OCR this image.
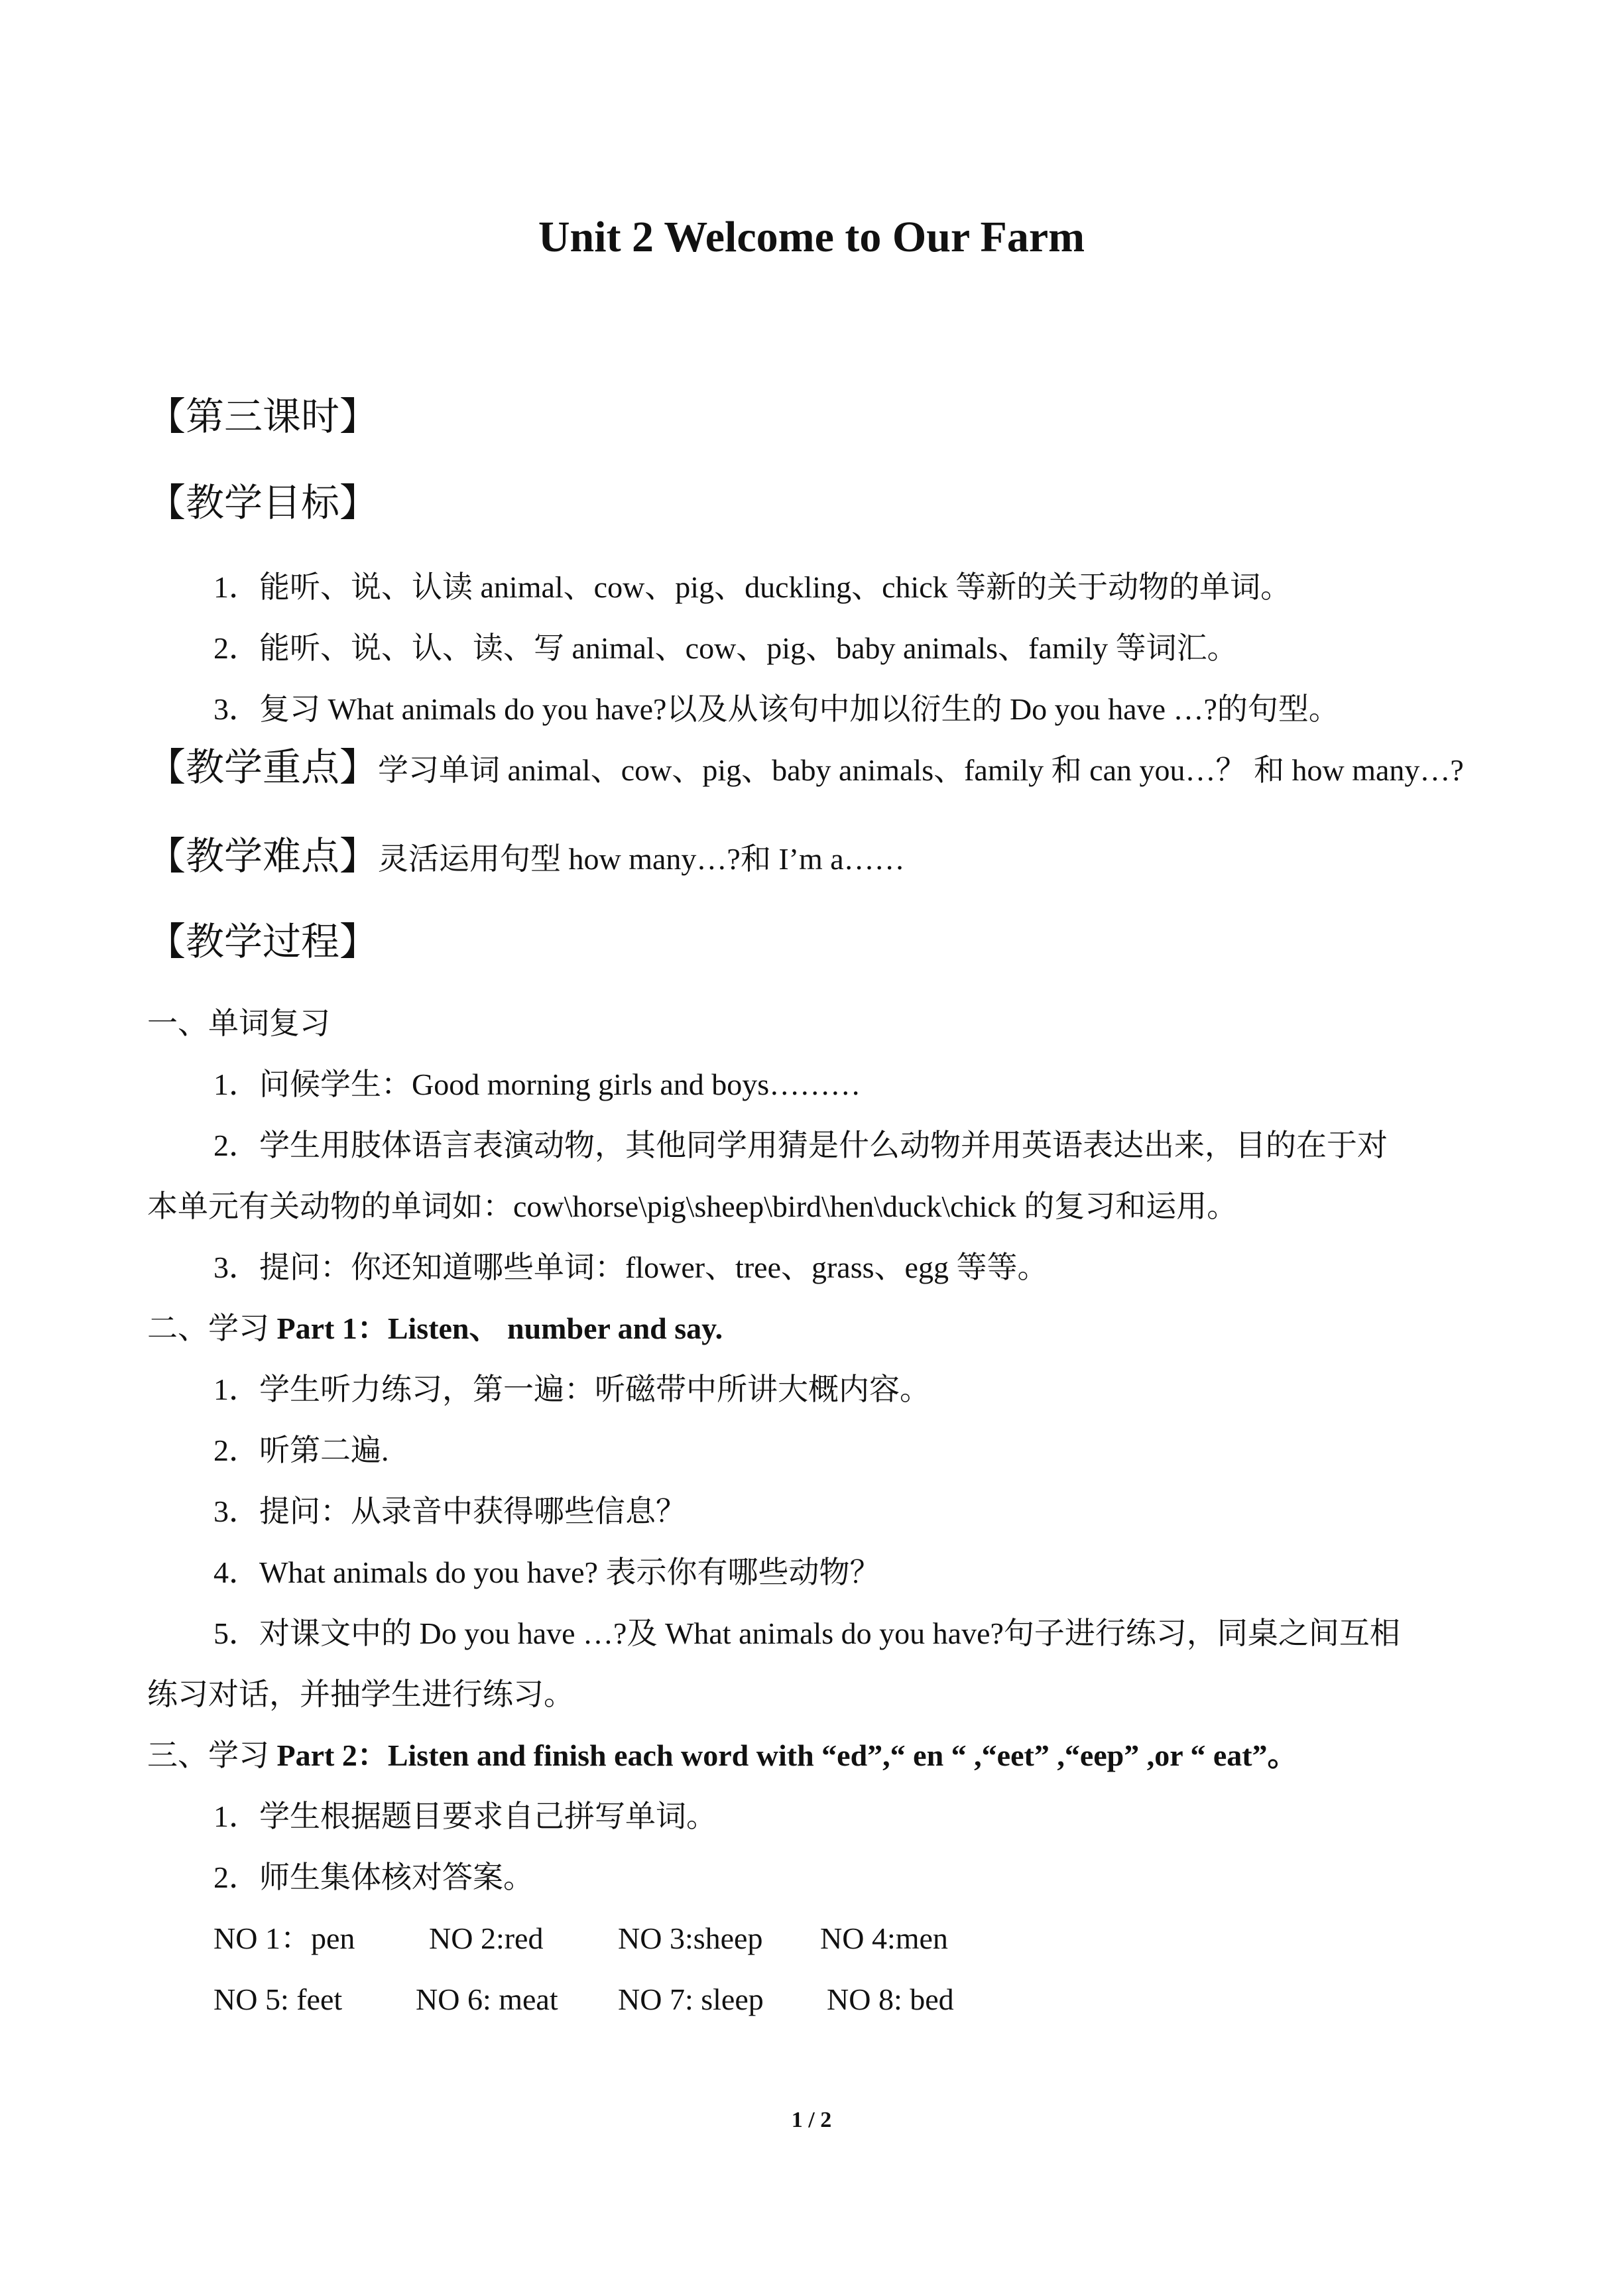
Unit 2 Welcome to Our Farm
【第三课时】
【教学目标】
1．能听、说、认读 animal、cow、pig、duckling、chick 等新的关于动物的单词。
2．能听、说、认、读、写 animal、cow、pig、baby animals、family 等词汇。
3．复习 What animals do you have?以及从该句中加以衍生的 Do you have …?的句型。
【教学重点】学习单词 animal、cow、pig、baby animals、family 和 can you…？ 和 how many…?
【教学难点】灵活运用句型 how many…?和 I’m a……
【教学过程】
一、单词复习
1．问候学生：Good morning girls and boys………
2．学生用肢体语言表演动物，其他同学用猜是什么动物并用英语表达出来，目的在于对
本单元有关动物的单词如：cow\horse\pig\sheep\bird\hen\duck\chick 的复习和运用。
3．提问：你还知道哪些单词：flower、tree、grass、egg 等等。
二、学习 Part 1：Listen、 number and say.
1．学生听力练习，第一遍：听磁带中所讲大概内容。
2．听第二遍.
3．提问：从录音中获得哪些信息？
4．What animals do you have? 表示你有哪些动物？
5．对课文中的 Do you have …?及 What animals do you have?句子进行练习，同桌之间互相
练习对话，并抽学生进行练习。
三、学习 Part 2：Listen and finish each word with “ed”,“ en “ ,“eet” ,“eep” ,or “ eat”。
1．学生根据题目要求自己拼写单词。
2．师生集体核对答案。
NO 1：pen NO 2:red NO 3:sheep NO 4:men
NO 5: feet NO 6: meat NO 7: sleep NO 8: bed
1 / 2
